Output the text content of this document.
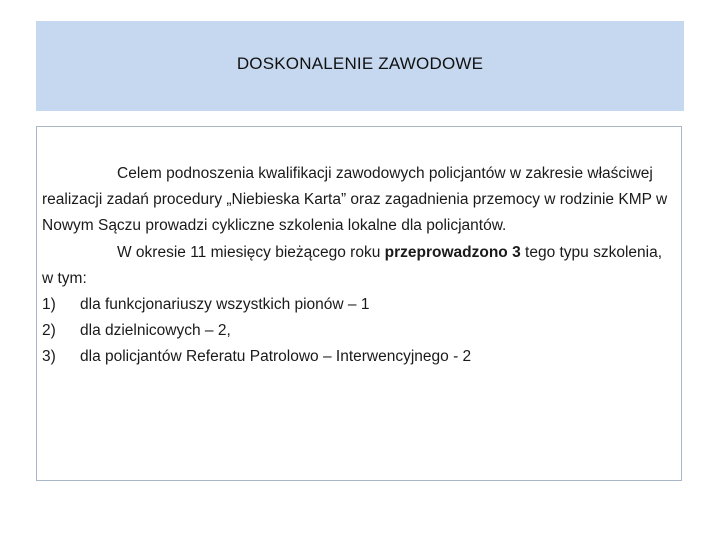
DOSKONALENIE ZAWODOWE

Celem podnoszenia kwalifikacji zawodowych policjantów w zakresie właściwej realizacji zadań procedury „Niebieska Karta” oraz zagadnienia przemocy w rodzinie KMP w Nowym Sączu prowadzi cykliczne szkolenia lokalne dla policjantów.

W okresie 11 miesięcy bieżącego roku przeprowadzono 3 tego typu szkolenia, w tym:

1)	dla funkcjonariuszy wszystkich pionów – 1
2)	dla dzielnicowych – 2,
3)	dla policjantów Referatu Patrolowo – Interwencyjnego - 2
